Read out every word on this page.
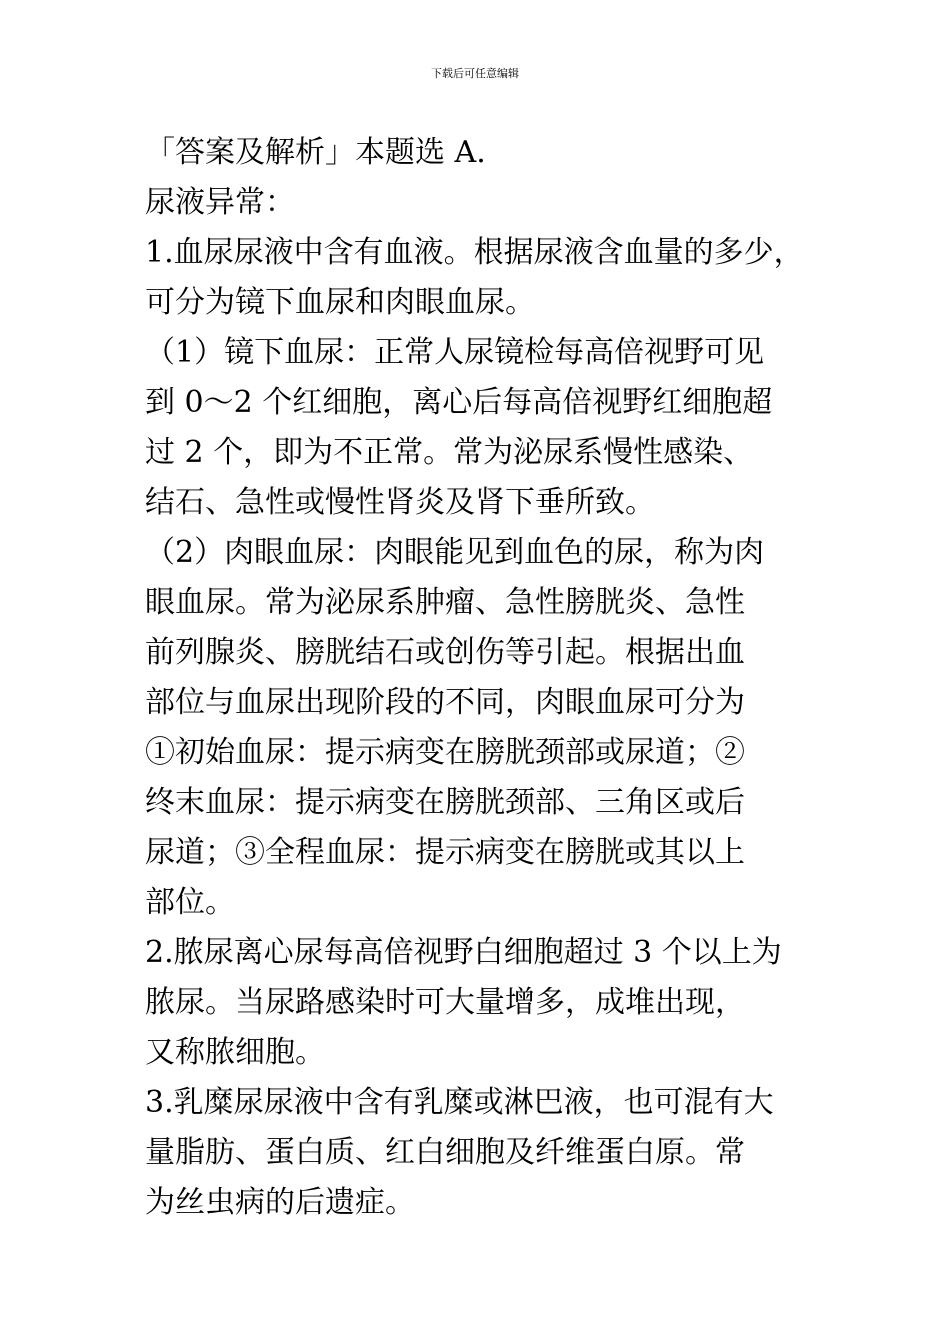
下载后可任意编辑
「答案及解析」本题选 A.
尿液异常：
1.血尿尿液中含有血液。根据尿液含血量的多少，
可分为镜下血尿和肉眼血尿。
（1）镜下血尿：正常人尿镜检每高倍视野可见
到 0～2 个红细胞，离心后每高倍视野红细胞超
过 2 个，即为不正常。常为泌尿系慢性感染、
结石、急性或慢性肾炎及肾下垂所致。
（2）肉眼血尿：肉眼能见到血色的尿，称为肉
眼血尿。常为泌尿系肿瘤、急性膀胱炎、急性
前列腺炎、膀胱结石或创伤等引起。根据出血
部位与血尿出现阶段的不同，肉眼血尿可分为
①初始血尿：提示病变在膀胱颈部或尿道；②
终末血尿：提示病变在膀胱颈部、三角区或后
尿道；③全程血尿：提示病变在膀胱或其以上
部位。
2.脓尿离心尿每高倍视野白细胞超过 3 个以上为
脓尿。当尿路感染时可大量增多，成堆出现，
又称脓细胞。
3.乳糜尿尿液中含有乳糜或淋巴液，也可混有大
量脂肪、蛋白质、红白细胞及纤维蛋白原。常
为丝虫病的后遗症。
